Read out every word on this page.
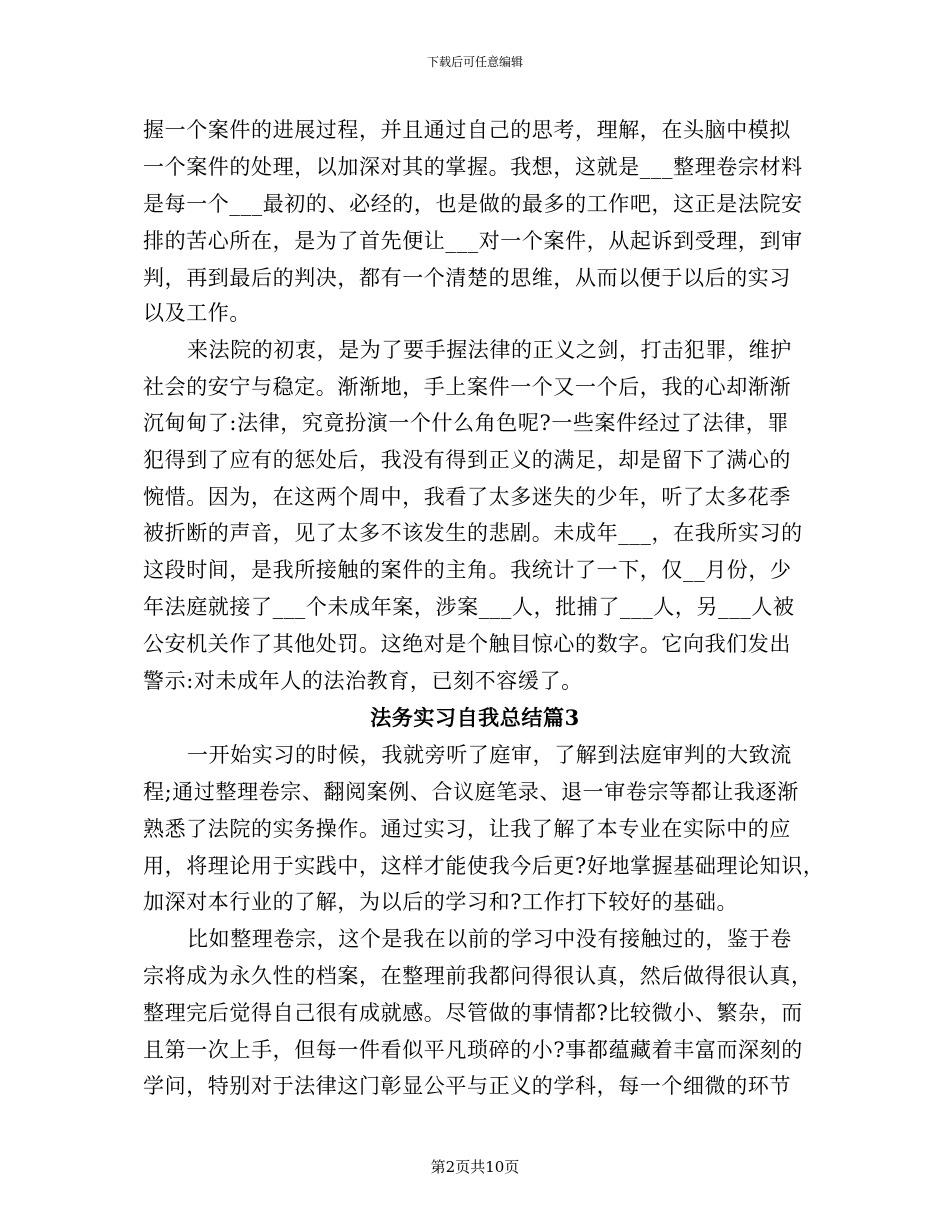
下载后可任意编辑
握一个案件的进展过程，并且通过自己的思考，理解，在头脑中模拟
一个案件的处理，以加深对其的掌握。我想，这就是___整理卷宗材料
是每一个___最初的、必经的，也是做的最多的工作吧，这正是法院安
排的苦心所在，是为了首先便让___对一个案件，从起诉到受理，到审
判，再到最后的判决，都有一个清楚的思维，从而以便于以后的实习
以及工作。
来法院的初衷，是为了要手握法律的正义之剑，打击犯罪，维护
社会的安宁与稳定。渐渐地，手上案件一个又一个后，我的心却渐渐
沉甸甸了:法律，究竟扮演一个什么角色呢?一些案件经过了法律，罪
犯得到了应有的惩处后，我没有得到正义的满足，却是留下了满心的
惋惜。因为，在这两个周中，我看了太多迷失的少年，听了太多花季
被折断的声音，见了太多不该发生的悲剧。未成年___，在我所实习的
这段时间，是我所接触的案件的主角。我统计了一下，仅__月份，少
年法庭就接了___个未成年案，涉案___人，批捕了___人，另___人被
公安机关作了其他处罚。这绝对是个触目惊心的数字。它向我们发出
警示:对未成年人的法治教育，已刻不容缓了。
法务实习自我总结篇3
一开始实习的时候，我就旁听了庭审，了解到法庭审判的大致流
程;通过整理卷宗、翻阅案例、合议庭笔录、退一审卷宗等都让我逐渐
熟悉了法院的实务操作。通过实习，让我了解了本专业在实际中的应
用，将理论用于实践中，这样才能使我今后更?好地掌握基础理论知识，
加深对本行业的了解，为以后的学习和?工作打下较好的基础。
比如整理卷宗，这个是我在以前的学习中没有接触过的，鉴于卷
宗将成为永久性的档案，在整理前我都问得很认真，然后做得很认真，
整理完后觉得自己很有成就感。尽管做的事情都?比较微小、繁杂，而
且第一次上手，但每一件看似平凡琐碎的小?事都蕴藏着丰富而深刻的
学问，特别对于法律这门彰显公平与正义的学科，每一个细微的环节
第2页共10页
